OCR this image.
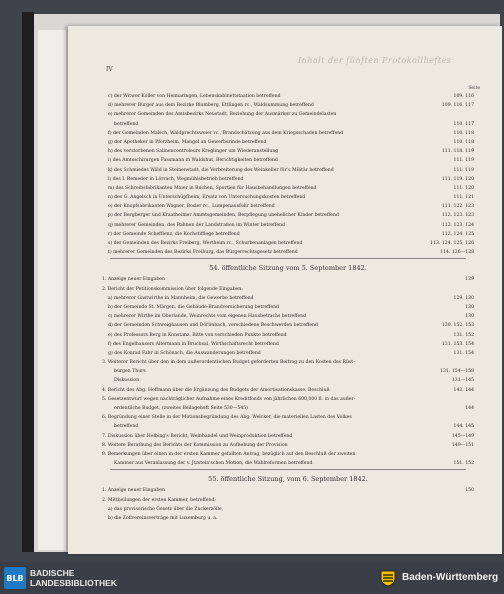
IV
Inhalt der fünften Protokollheftes
Seite
c) der Witwer Koller von Heimaringen, Lebenskabinettstaation betreffend	109. 116
d) mehrerer Bürger aus dem Bezirke Blumberg, Ettlingen rc., Waldsummung betreffend	109. 116. 117
e) mehrerer Gemeinden des Amtsbezirks Neustadt, Beziehung der Ausmärker zu Gemeindelasten
betreffend	110. 117
f) der Gemeinden Malsch, Waldprechtsweier rc., Brandschätzung aus dem Kriegsschaden betreffend	110. 118
g) der Apotheker in Pforzheim, Mangel an Gewerbsrinde betreffend	110. 118
h) des verstorbenen Salinencontroleurs Kreglinger um Wiederanstellung	111. 118. 119
i) des Amtsschirurgen Fassmann in Waldshut, Berichtigkeiten betreffend	111. 119
k) des Schmiedes Wäld in Steinenstadt, die Verbreiterung des Weinkeller für's Militär betreffend	111. 119
l) des I. Remeder in Lörrach, Wegmühlsbetrieb betreffend	111. 119. 120
m) des Schreibsfabrikanten Maier in Buchen, Sportien für Hausbehandlungen betreffend	111. 120
n) des G. Angelsch in Unterschüpfheim, Ersatz von Untersuchungskosten betreffend	111. 121
o) der Knopfsabrikanten Wagner, Bosler rc., Lumpenausfuhr betreffend	111. 122. 123
p) der Bergberger und Kraatheimer Ammtsgemeinden, Berpflegung unehelicher Kinder betreffend	112. 123. 123
q) mehrerer Gemeinden, des Bahnen der Landstraßen im Winter betreffend	112. 123. 124
r) der Gemeinde Schefflenz, die Kochstifflege betreffend	112. 124. 125
s) der Gemeinden des Bezirks Freiberg, Wertheim rc., Schurbenanlagen betreffend	113. 124. 125. 126
t) mehrerer Gemeinden des Bezirks Freiburg, das Bürgerrechtsgesetz betreffend	114. 126—128
54. öffentliche Sitzung vom 5. September 1842.
1. Anzeige neuer Eingaben	129
2. Bericht der Petitionskommission über folgende Eingaben:
a) mehrerer Gastwirthe in Mannheim, die Gewerbe betreffend	129. 130
b) der Gemeinde St. Märgen, die Gebäude-Brandversicherung betreffend	130
c) mehrerer Wirthe im Oberlande, Weinrechts vom eigenen Hausbetrachs betreffend	130
d) der Gemeinden Schweighausen und Dörlinbach, verschiedene Beschwerden betreffend	130. 152. 153
e) des Professors Berg in Konstanz, Bitte von verschieden Punkte betreffend	131. 152
f) des Engelhausers Altermann in Bruchsal, Wirthschaftsrecht betreffend	131. 153. 154
g) des Konrad Fahr in Schönach, die Auswanderungen betreffend	131. 154
3. Weiterer Bericht über den in dem außerordentlichen Budget geforderten Beitrag zu den Kosten des Rüst-
burgen Thurs	131. 154—158
Diskussion	131—145
4. Bericht des Abg. Hoffmann über die Ergänzung des Budgets der Amortisationskasse. Beschluß	143. 144
5. Gesetzentwurf wegen nachträglicher Aufnahme eines Kreditfonds von jährlichen 600,000 fl. in das außer-
ordentliche Budget, (zweites Beilageheft Seite 530—545)	144
6. Begründung einer Stelle in der Motionsbegründung des Abg. Welcker, die materiellen Lasten des Volkes
betreffend	144. 145
7. Diskussion über Helbing's Bericht, Weinhandel und Weinproduktion betreffend	145—149
8. Weitere Berathung des Berichts der Kommission zu Aufhebung der Provision	149—151
9. Bemerkungen über einen in der ersten Kammer gefallten Antrag, bezüglich auf den Beschluß der zweiten
Kammer aus Veranlassung der v. Jtzstein'schen Motion, die Wahlreformen betreffend	151. 152
55. öffentliche Sitzung, vom 6. September 1842.
1. Anzeige neuer Eingaben	150
2. Mittheilungen der ersten Kammer, betreffend:
a) das provisorische Gesetz über die Zuckerzölle,
b) die Zollvereinsverträge mit Luxemburg u. a.
BLB BADISCHE
LANDESBIBLIOTHEK	Baden-Württemberg
